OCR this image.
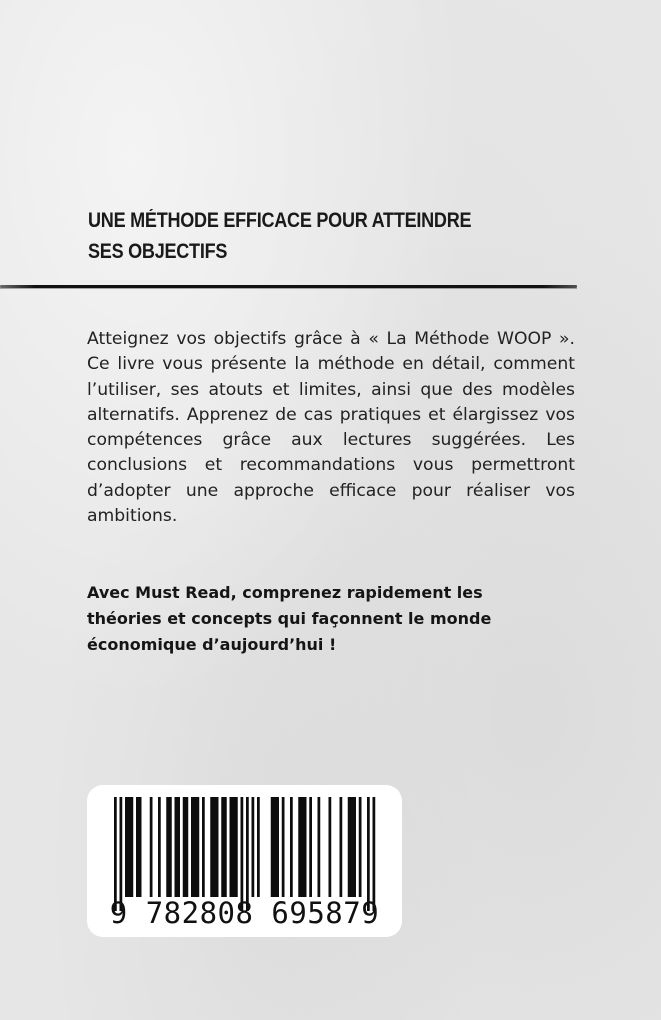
UNE MÉTHODE EFFICACE POUR ATTEINDRE
SES OBJECTIFS

Atteignez vos objectifs grâce à « La Méthode WOOP ». Ce livre vous présente la méthode en détail, comment l’utiliser, ses atouts et limites, ainsi que des modèles alternatifs. Apprenez de cas pratiques et élargissez vos compétences grâce aux lectures suggérées. Les conclusions et recommandations vous permettront d’adopter une approche efficace pour réaliser vos ambitions.

Avec Must Read, comprenez rapidement les théories et concepts qui façonnent le monde économique d’aujourd’hui !

9 782808 695879
